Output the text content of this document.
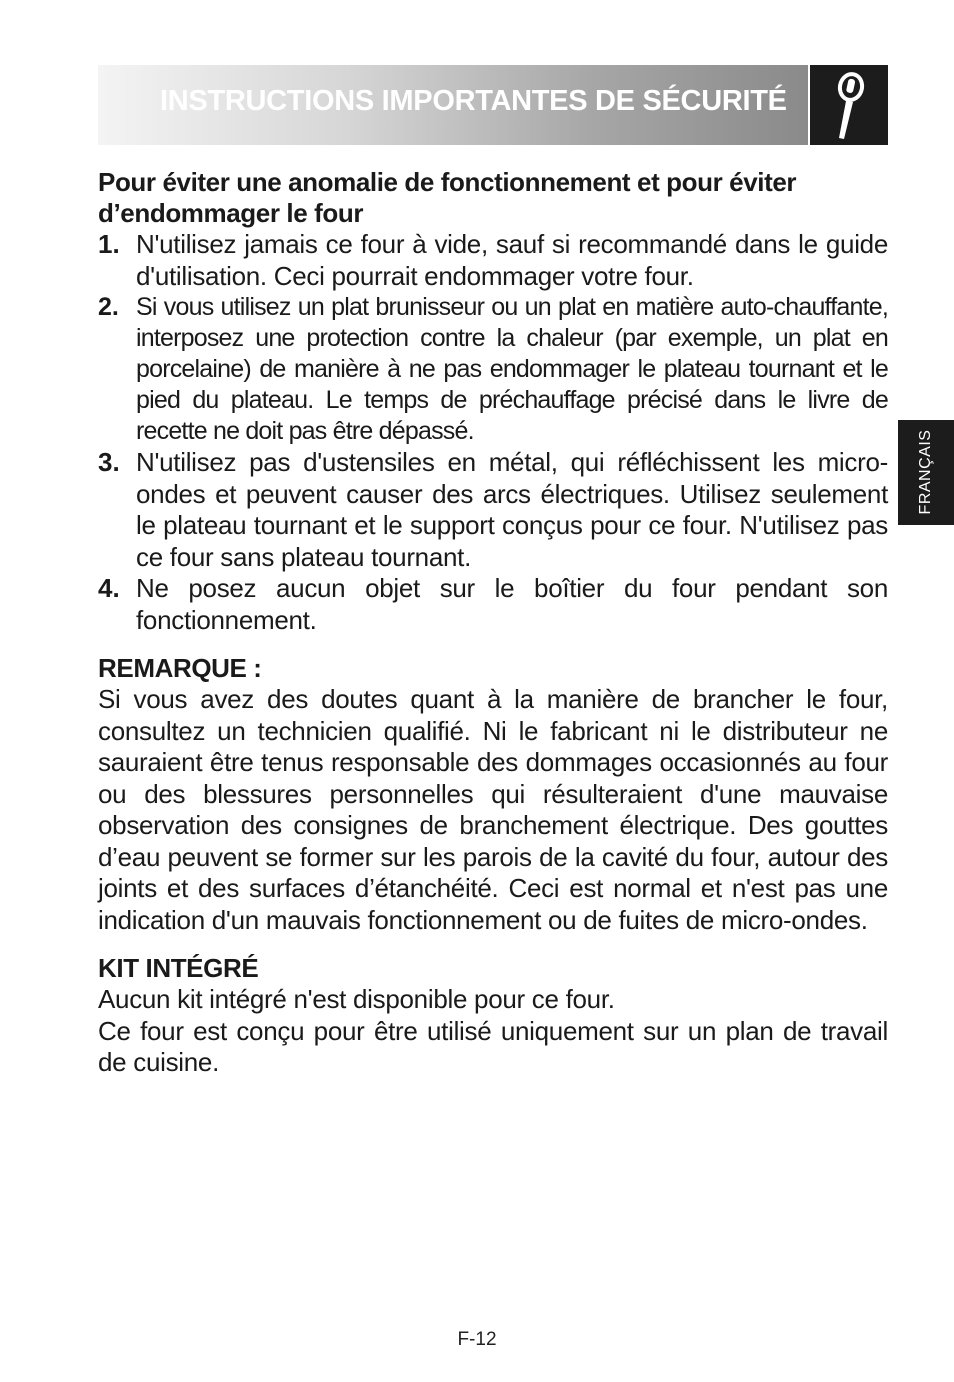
INSTRUCTIONS IMPORTANTES DE SÉCURITÉ
FRANÇAIS
Pour éviter une anomalie de fonctionnement et pour éviter d’endommager le four
1. N'utilisez jamais ce four à vide, sauf si recommandé dans le guide d'utilisation. Ceci pourrait endommager votre four.
2. Si vous utilisez un plat brunisseur ou un plat en matière auto-chauffante, interposez une protection contre la chaleur (par exemple, un plat en porcelaine) de manière à ne pas endommager le plateau tournant et le pied du plateau. Le temps de préchauffage précisé dans le livre de recette ne doit pas être dépassé.
3. N'utilisez pas d'ustensiles en métal, qui réfléchissent les micro-ondes et peuvent causer des arcs électriques. Utilisez seulement le plateau tournant et le support conçus pour ce four. N'utilisez pas ce four sans plateau tournant.
4. Ne posez aucun objet sur le boîtier du four pendant son fonctionnement.
REMARQUE :
Si vous avez des doutes quant à la manière de brancher le four, consultez un technicien qualifié. Ni le fabricant ni le distributeur ne sauraient être tenus responsable des dommages occasionnés au four ou des blessures personnelles qui résulteraient d'une mauvaise observation des consignes de branchement électrique. Des gouttes d’eau peuvent se former sur les parois de la cavité du four, autour des joints et des surfaces d’étanchéité. Ceci est normal et n'est pas une indication d'un mauvais fonctionnement ou de fuites de micro-ondes.
KIT INTÉGRÉ
Aucun kit intégré n'est disponible pour ce four.
Ce four est conçu pour être utilisé uniquement sur un plan de travail de cuisine.
F-12
